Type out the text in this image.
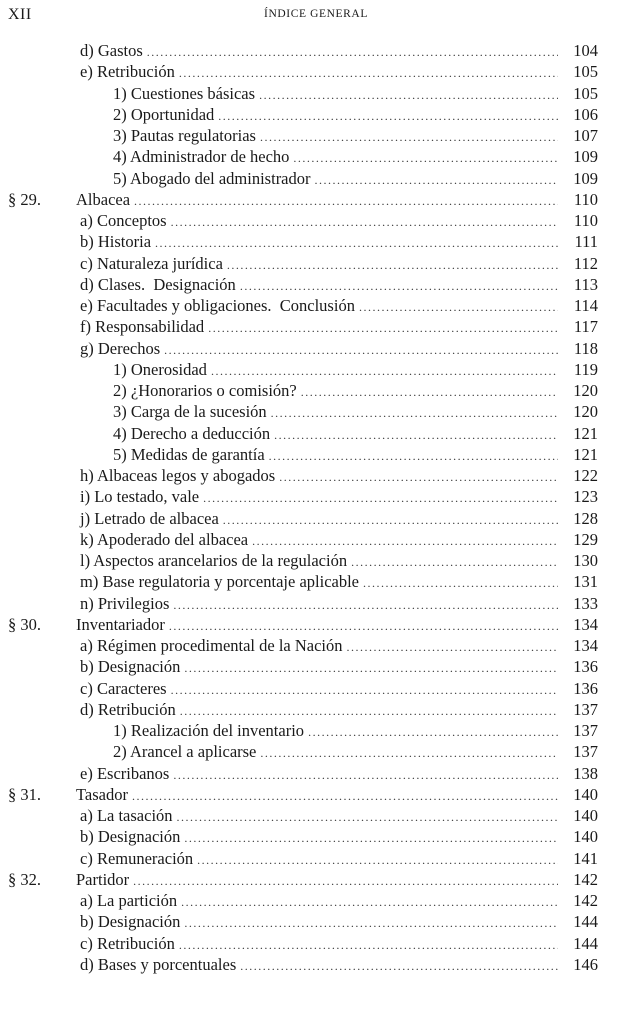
XII	ÍNDICE GENERAL
d) Gastos .....	104
e) Retribución .....	105
1) Cuestiones básicas .....	105
2) Oportunidad .....	106
3) Pautas regulatorias .....	107
4) Administrador de hecho .....	109
5) Abogado del administrador .....	109
§ 29. Albacea .....	110
a) Conceptos .....	110
b) Historia .....	111
c) Naturaleza jurídica .....	112
d) Clases.  Designación .....	113
e) Facultades y obligaciones.  Conclusión .....	114
f) Responsabilidad .....	117
g) Derechos .....	118
1) Onerosidad .....	119
2) ¿Honorarios o comisión? .....	120
3) Carga de la sucesión .....	120
4) Derecho a deducción .....	121
5) Medidas de garantía .....	121
h) Albaceas legos y abogados .....	122
i) Lo testado, vale .....	123
j) Letrado de albacea .....	128
k) Apoderado del albacea .....	129
l) Aspectos arancelarios de la regulación .....	130
m) Base regulatoria y porcentaje aplicable .....	131
n) Privilegios .....	133
§ 30. Inventariador .....	134
a) Régimen procedimental de la Nación .....	134
b) Designación .....	136
c) Caracteres .....	136
d) Retribución .....	137
1) Realización del inventario .....	137
2) Arancel a aplicarse .....	137
e) Escribanos .....	138
§ 31. Tasador .....	140
a) La tasación .....	140
b) Designación .....	140
c) Remuneración .....	141
§ 32. Partidor .....	142
a) La partición .....	142
b) Designación .....	144
c) Retribución .....	144
d) Bases y porcentuales .....	146
